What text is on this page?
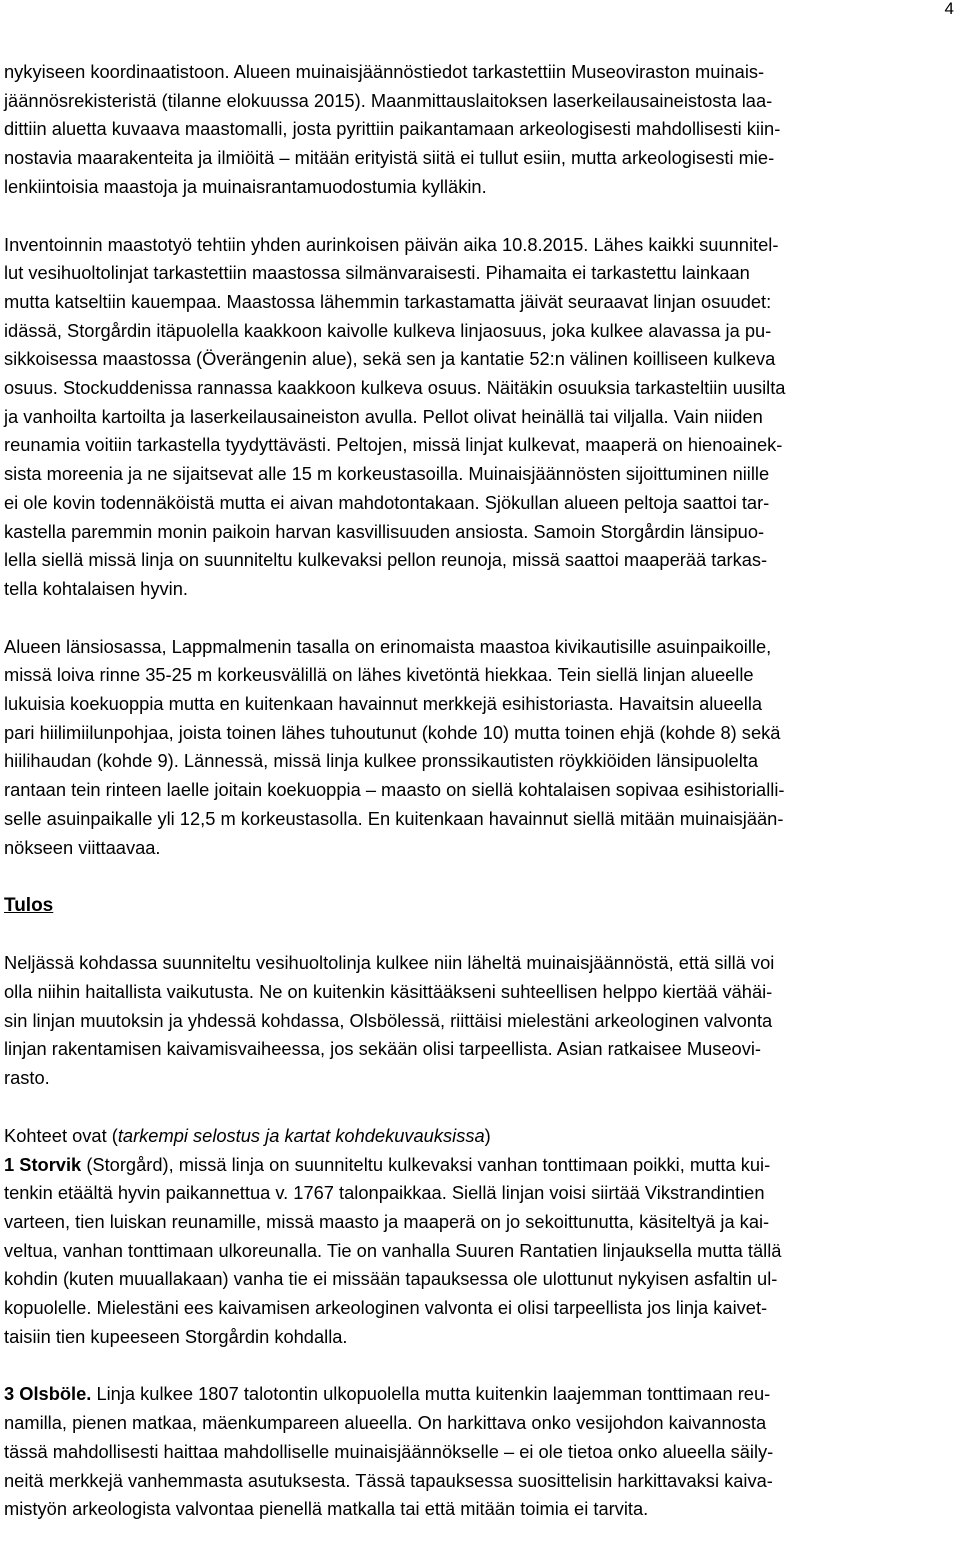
4

nykyiseen koordinaatistoon. Alueen muinaisjäännöstiedot tarkastettiin Museoviraston muinais-
jäännösrekisteristä (tilanne elokuussa 2015). Maanmittauslaitoksen laserkeilausaineistosta laa-
dittiin aluetta kuvaava maastomalli, josta pyrittiin paikantamaan arkeologisesti mahdollisesti kiin-
nostavia maarakenteita ja ilmiöitä – mitään erityistä siitä ei tullut esiin, mutta arkeologisesti mie-
lenkiintoisia maastoja ja muinaisrantamuodostumia kylläkin.

Inventoinnin maastotyö tehtiin yhden aurinkoisen päivän aika 10.8.2015. Lähes kaikki suunnitel-
lut vesihuoltolinjat tarkastettiin maastossa silmänvaraisesti. Pihamaita ei tarkastettu lainkaan
mutta katseltiin kauempaa. Maastossa lähemmin tarkastamatta jäivät seuraavat linjan osuudet:
idässä, Storgårdin itäpuolella kaakkoon kaivolle kulkeva linjaosuus, joka kulkee alavassa ja pu-
sikkoisessa maastossa (Överängenin alue), sekä sen ja kantatie 52:n välinen koilliseen kulkeva
osuus. Stockuddenissa rannassa kaakkoon kulkeva osuus. Näitäkin osuuksia tarkasteltiin uusilta
ja vanhoilta kartoilta ja laserkeilausaineiston avulla. Pellot olivat heinällä tai viljalla. Vain niiden
reunamia voitiin tarkastella tyydyttävästi. Peltojen, missä linjat kulkevat, maaperä on hienoainek-
sista moreenia ja ne sijaitsevat alle 15 m korkeustasoilla. Muinaisjäännösten sijoittuminen niille
ei ole kovin todennäköistä mutta ei aivan mahdotontakaan. Sjökullan alueen peltoja saattoi tar-
kastella paremmin monin paikoin harvan kasvillisuuden ansiosta. Samoin Storgårdin länsipuo-
lella siellä missä linja on suunniteltu kulkevaksi pellon reunoja, missä saattoi maaperää tarkas-
tella kohtalaisen hyvin.

Alueen länsiosassa, Lappmalmenin tasalla on erinomaista maastoa kivikautisille asuinpaikoille,
missä loiva rinne 35-25 m korkeusvälillä on lähes kivetöntä hiekkaa. Tein siellä linjan alueelle
lukuisia koekuoppia mutta en kuitenkaan havainnut merkkejä esihistoriasta. Havaitsin alueella
pari hiilimiilunpohjaa, joista toinen lähes tuhoutunut (kohde 10) mutta toinen ehjä (kohde 8) sekä
hiilihaudan (kohde 9). Lännessä, missä linja kulkee pronssikautisten röykkiöiden länsipuolelta
rantaan tein rinteen laelle joitain koekuoppia – maasto on siellä kohtalaisen sopivaa esihistorialli-
selle asuinpaikalle yli 12,5 m korkeustasolla. En kuitenkaan havainnut siellä mitään muinaisjään-
nökseen viittaavaa.

Tulos

Neljässä kohdassa suunniteltu vesihuoltolinja kulkee niin läheltä muinaisjäännöstä, että sillä voi
olla niihin haitallista vaikutusta. Ne on kuitenkin käsittääkseni suhteellisen helppo kiertää vähäi-
sin linjan muutoksin ja yhdessä kohdassa, Olsbölessä, riittäisi mielestäni arkeologinen valvonta
linjan rakentamisen kaivamisvaiheessa, jos sekään olisi tarpeellista. Asian ratkaisee Museovi-
rasto.

Kohteet ovat (tarkempi selostus ja kartat kohdekuvauksissa)
1 Storvik (Storgård), missä linja on suunniteltu kulkevaksi vanhan tonttimaan poikki, mutta kui-
tenkin etäältä hyvin paikannettua v. 1767 talonpaikkaa. Siellä linjan voisi siirtää Vikstrandintien
varteen, tien luiskan reunamille, missä maasto ja maaperä on jo sekoittunutta, käsiteltyä ja kai-
veltua, vanhan tonttimaan ulkoreunalla. Tie on vanhalla Suuren Rantatien linjauksella mutta tällä
kohdin (kuten muuallakaan) vanha tie ei missään tapauksessa ole ulottunut nykyisen asfaltin ul-
kopuolelle. Mielestäni ees kaivamisen arkeologinen valvonta ei olisi tarpeellista jos linja kaivet-
taisiin tien kupeeseen Storgårdin kohdalla.

3 Olsböle. Linja kulkee 1807 talotontin ulkopuolella mutta kuitenkin laajemman tonttimaan reu-
namilla, pienen matkaa, mäenkumpareen alueella. On harkittava onko vesijohdon kaivannosta
tässä mahdollisesti haittaa mahdolliselle muinaisjäännökselle – ei ole tietoa onko alueella säily-
neitä merkkejä vanhemmasta asutuksesta. Tässä tapauksessa suosittelisin harkittavaksi kaiva-
mistyön arkeologista valvontaa pienellä matkalla tai että mitään toimia ei tarvita.
